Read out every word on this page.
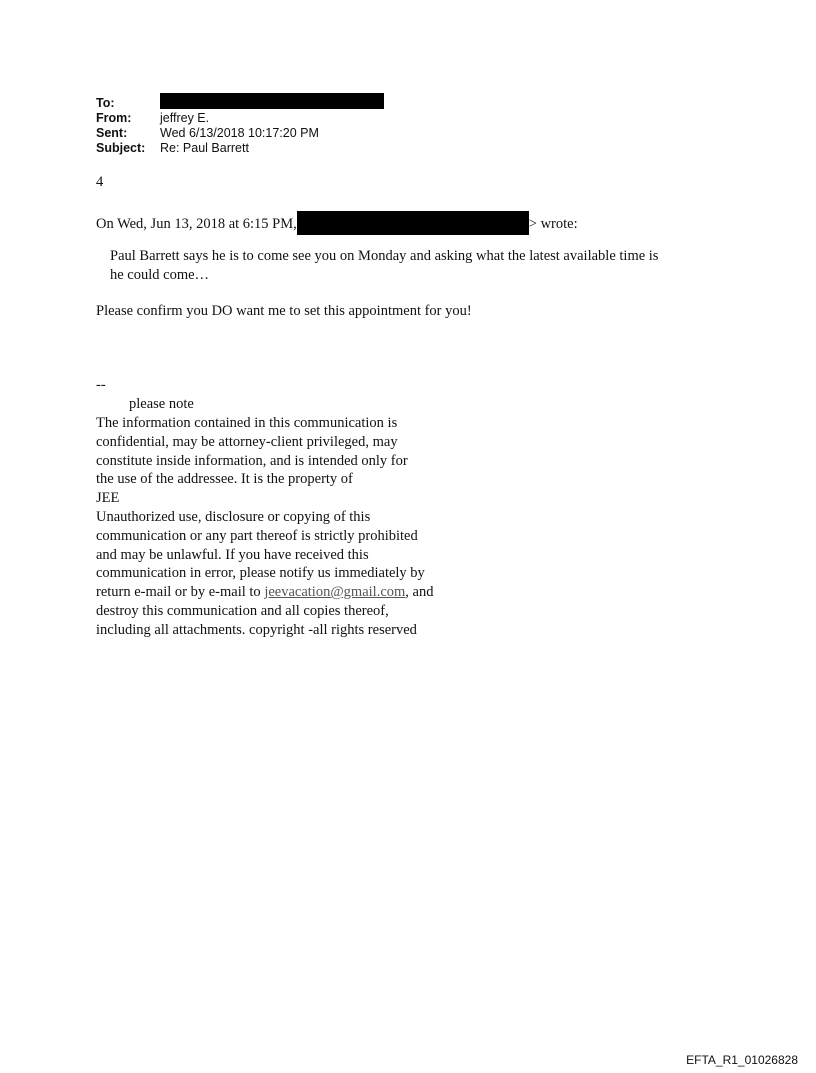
To:
From:	jeffrey E.
Sent:	Wed 6/13/2018 10:17:20 PM
Subject:	Re: Paul Barrett
4
On Wed, Jun 13, 2018 at 6:15 PM,	> wrote:
Paul Barrett says he is to come see you on Monday and asking what the latest available time is
he could come…
Please confirm you DO want me to set this appointment for you!
--
please note
The information contained in this communication is
confidential, may be attorney-client privileged, may
constitute inside information, and is intended only for
the use of the addressee. It is the property of
JEE
Unauthorized use, disclosure or copying of this
communication or any part thereof is strictly prohibited
and may be unlawful. If you have received this
communication in error, please notify us immediately by
return e-mail or by e-mail to jeevacation@gmail.com, and
destroy this communication and all copies thereof,
including all attachments. copyright -all rights reserved
EFTA_R1_01026828
